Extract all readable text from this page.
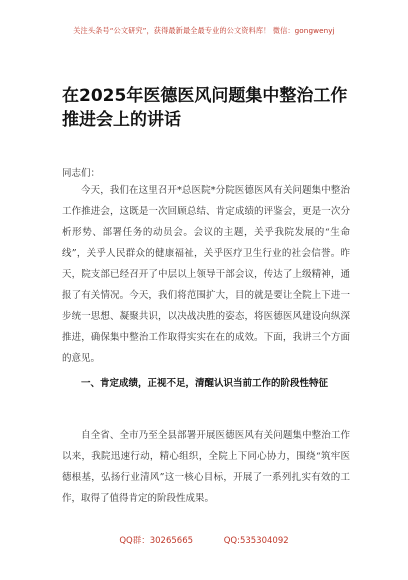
关注头条号“公文研究”，获得最新最全最专业的公文资料库！ 微信：gongwenyj
在2025年医德医风问题集中整治工作推进会上的讲话
同志们：

今天，我们在这里召开*总医院*分院医德医风有关问题集中整治工作推进会，这既是一次回顾总结、肯定成绩的评鉴会，更是一次分析形势、部署任务的动员会。会议的主题，关乎我院发展的“生命线”，关乎人民群众的健康福祉，关乎医疗卫生行业的社会信誉。昨天，院支部已经召开了中层以上领导干部会议，传达了上级精神，通报了有关情况。今天，我们将范围扩大，目的就是要让全院上下进一步统一思想、凝聚共识，以决战决胜的姿态，将医德医风建设向纵深推进，确保集中整治工作取得实实在在的成效。下面，我讲三个方面的意见。

一、肯定成绩，正视不足，清醒认识当前工作的阶段性特征

自全省、全市乃至全县部署开展医德医风有关问题集中整治工作以来，我院迅速行动，精心组织，全院上下同心协力，围绕“筑牢医德根基，弘扬行业清风”这一核心目标，开展了一系列扎实有效的工作，取得了值得肯定的阶段性成果。

QQ群：30265665	QQ:535304092
